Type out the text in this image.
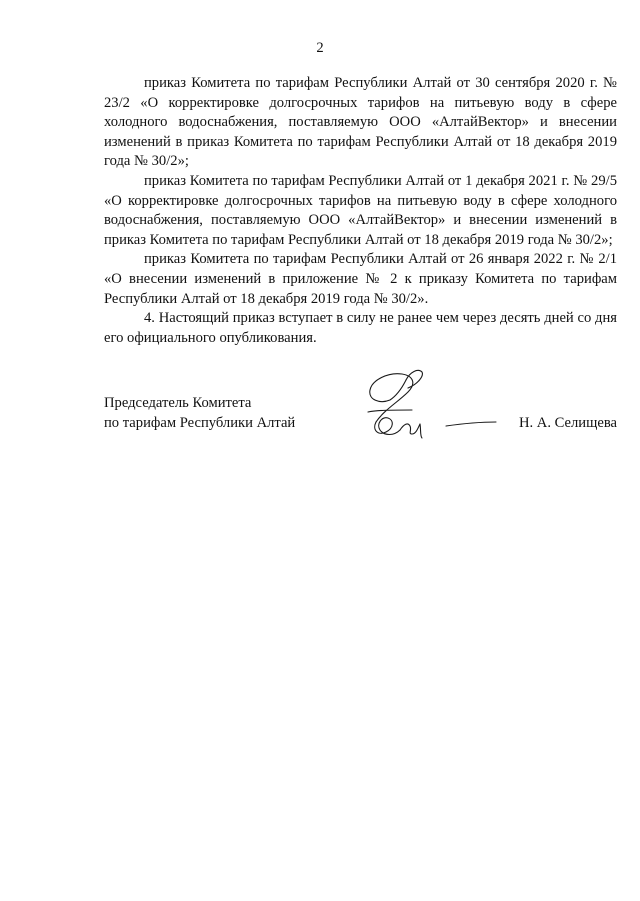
2

приказ Комитета по тарифам Республики Алтай от 30 сентября 2020 г. № 23/2 «О корректировке долгосрочных тарифов на питьевую воду в сфере холодного водоснабжения, поставляемую ООО «АлтайВектор» и внесении изменений в приказ Комитета по тарифам Республики Алтай от 18 декабря 2019 года № 30/2»;

приказ Комитета по тарифам Республики Алтай от 1 декабря 2021 г. № 29/5 «О корректировке долгосрочных тарифов на питьевую воду в сфере холодного водоснабжения, поставляемую ООО «АлтайВектор» и внесении изменений в приказ Комитета по тарифам Республики Алтай от 18 декабря 2019 года № 30/2»;

приказ Комитета по тарифам Республики Алтай от 26 января 2022 г. № 2/1 «О внесении изменений в приложение № 2 к приказу Комитета по тарифам Республики Алтай от 18 декабря 2019 года № 30/2».

4. Настоящий приказ вступает в силу не ранее чем через десять дней со дня его официального опубликования.

Председатель Комитета
по тарифам Республики Алтай	Н. А. Селищева
